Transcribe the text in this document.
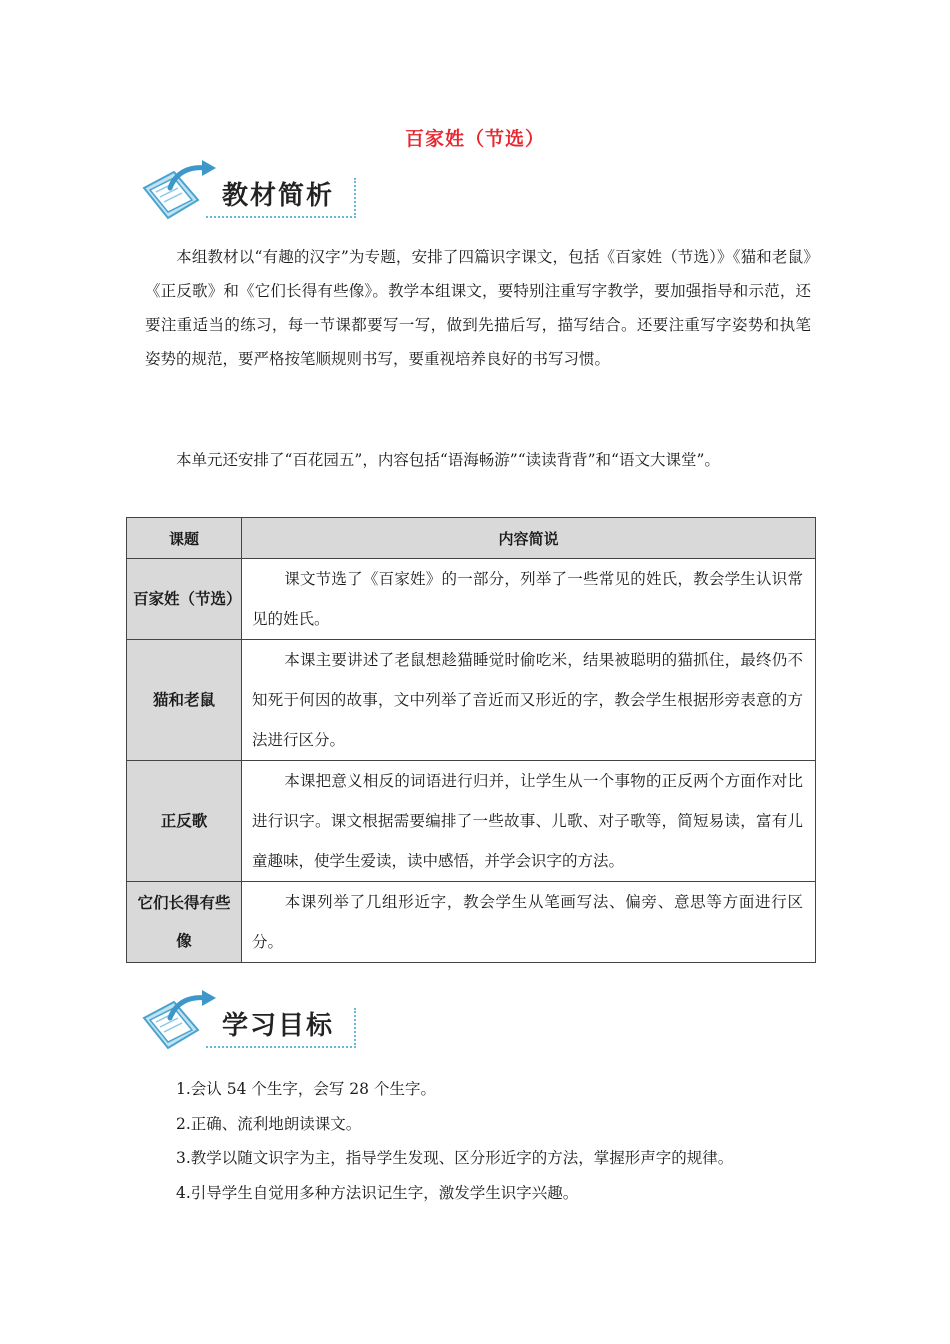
百家姓（节选）
教材简析

本组教材以“有趣的汉字”为专题，安排了四篇识字课文，包括《百家姓（节选）》《猫和老鼠》《正反歌》和《它们长得有些像》。教学本组课文，要特别注重写字教学，要加强指导和示范，还要注重适当的练习，每一节课都要写一写，做到先描后写，描写结合。还要注重写字姿势和执笔姿势的规范，要严格按笔顺规则书写，要重视培养良好的书写习惯。

本单元还安排了“百花园五”，内容包括“语海畅游”“读读背背”和“语文大课堂”。

课题	内容简说
百家姓（节选）	课文节选了《百家姓》的一部分，列举了一些常见的姓氏，教会学生认识常见的姓氏。
猫和老鼠	本课主要讲述了老鼠想趁猫睡觉时偷吃米，结果被聪明的猫抓住，最终仍不知死于何因的故事，文中列举了音近而又形近的字，教会学生根据形旁表意的方法进行区分。
正反歌	本课把意义相反的词语进行归并，让学生从一个事物的正反两个方面作对比进行识字。课文根据需要编排了一些故事、儿歌、对子歌等，简短易读，富有儿童趣味，使学生爱读，读中感悟，并学会识字的方法。
它们长得有些像	本课列举了几组形近字，教会学生从笔画写法、偏旁、意思等方面进行区分。
学习目标
1.会认 54 个生字，会写 28 个生字。
2.正确、流利地朗读课文。
3.教学以随文识字为主，指导学生发现、区分形近字的方法，掌握形声字的规律。
4.引导学生自觉用多种方法识记生字，激发学生识字兴趣。
